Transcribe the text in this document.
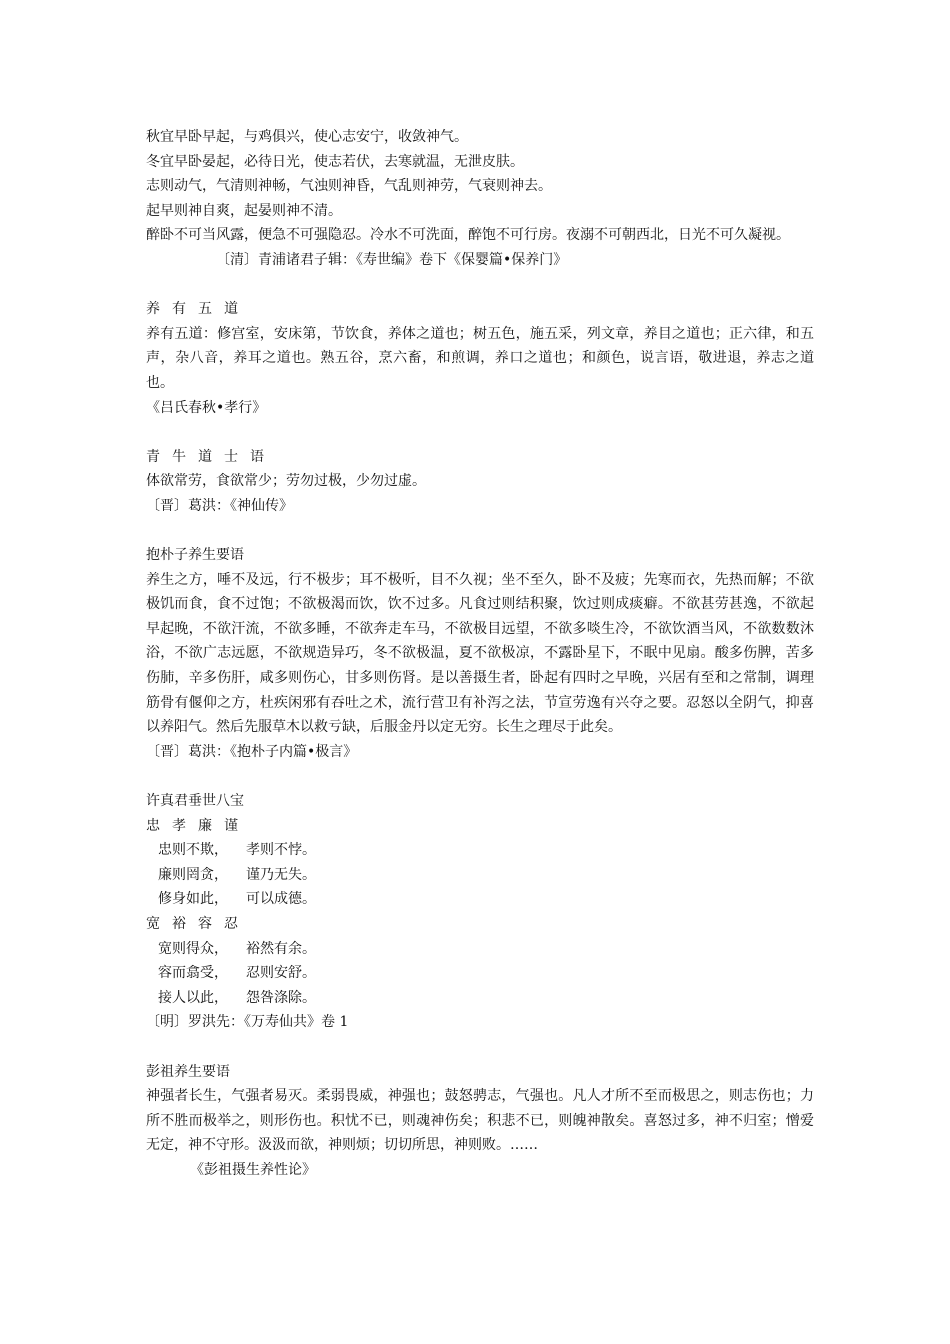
秋宜早卧早起，与鸡俱兴，使心志安宁，收敛神气。
冬宜早卧晏起，必待日光，使志若伏，去寒就温，无泄皮肤。
志则动气，气清则神畅，气浊则神昏，气乱则神劳，气衰则神去。
起早则神自爽，起晏则神不清。
醉卧不可当风露，便急不可强隐忍。冷水不可洗面，醉饱不可行房。夜溺不可朝西北，日光不可久凝视。
〔清〕青浦诸君子辑：《寿世编》卷下《保婴篇•保养门》
养有五道
养有五道：修宫室，安床第，节饮食，养体之道也；树五色，施五采，列文章，养目之道也；正六律，和五声，杂八音，养耳之道也。熟五谷，烹六畜，和煎调，养口之道也；和颜色，说言语，敬进退，养志之道也。
《吕氏春秋•孝行》
青牛道士语
体欲常劳，食欲常少；劳勿过极，少勿过虚。
〔晋〕葛洪：《神仙传》
抱朴子养生要语
养生之方，唾不及远，行不极步；耳不极听，目不久视；坐不至久，卧不及疲；先寒而衣，先热而解；不欲极饥而食，食不过饱；不欲极渴而饮，饮不过多。凡食过则结积聚，饮过则成痰癖。不欲甚劳甚逸，不欲起早起晚，不欲汗流，不欲多睡，不欲奔走车马，不欲极目远望，不欲多啖生冷，不欲饮酒当风，不欲数数沐浴，不欲广志远愿，不欲规造异巧，冬不欲极温，夏不欲极凉，不露卧星下，不眠中见扇。酸多伤脾，苦多伤肺，辛多伤肝，咸多则伤心，甘多则伤肾。是以善摄生者，卧起有四时之早晚，兴居有至和之常制，调理筋骨有偃仰之方，杜疾闲邪有吞吐之术，流行营卫有补泻之法，节宣劳逸有兴夺之要。忍怒以全阴气，抑喜以养阳气。然后先服草木以救亏缺，后服金丹以定无穷。长生之理尽于此矣。
〔晋〕葛洪：《抱朴子内篇•极言》
许真君垂世八宝
忠孝廉谨
忠则不欺， 孝则不悖。
廉则罔贪， 谨乃无失。
修身如此， 可以成德。
宽裕容忍
宽则得众， 裕然有余。
容而翕受， 忍则安舒。
接人以此， 怨咎涤除。
〔明〕罗洪先：《万寿仙共》卷 1
彭祖养生要语
神强者长生，气强者易灭。柔弱畏威，神强也；鼓怒骋志，气强也。凡人才所不至而极思之，则志伤也；力所不胜而极举之，则形伤也。积忧不已，则魂神伤矣；积悲不已，则魄神散矣。喜怒过多，神不归室；憎爱无定，神不守形。汲汲而欲，神则烦；切切所思，神则败。……
《彭祖摄生养性论》
